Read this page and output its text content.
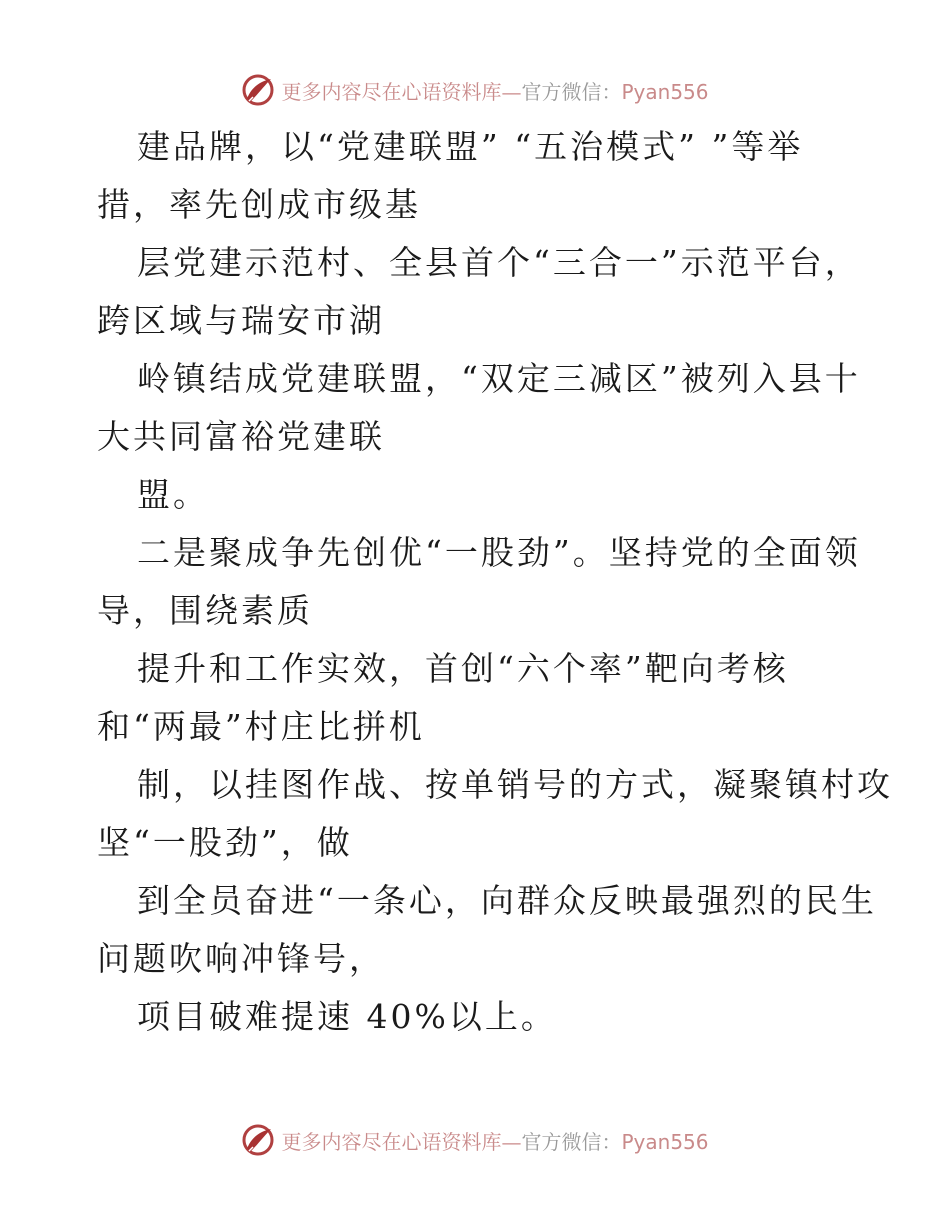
更多内容尽在心语资料库—官方微信：Pyan556
建品牌，以“党建联盟” “五治模式” ”等举
措，率先创成市级基
层党建示范村、全县首个“三合一”示范平台，
跨区域与瑞安市湖
岭镇结成党建联盟，“双定三减区”被列入县十
大共同富裕党建联
盟。
二是聚成争先创优“一股劲”。坚持党的全面领
导，围绕素质
提升和工作实效，首创“六个率”靶向考核
和“两最”村庄比拼机
制，以挂图作战、按单销号的方式，凝聚镇村攻
坚“一股劲”，做
到全员奋进“一条心，向群众反映最强烈的民生
问题吹响冲锋号，
项目破难提速 40%以上。
更多内容尽在心语资料库—官方微信：Pyan556
